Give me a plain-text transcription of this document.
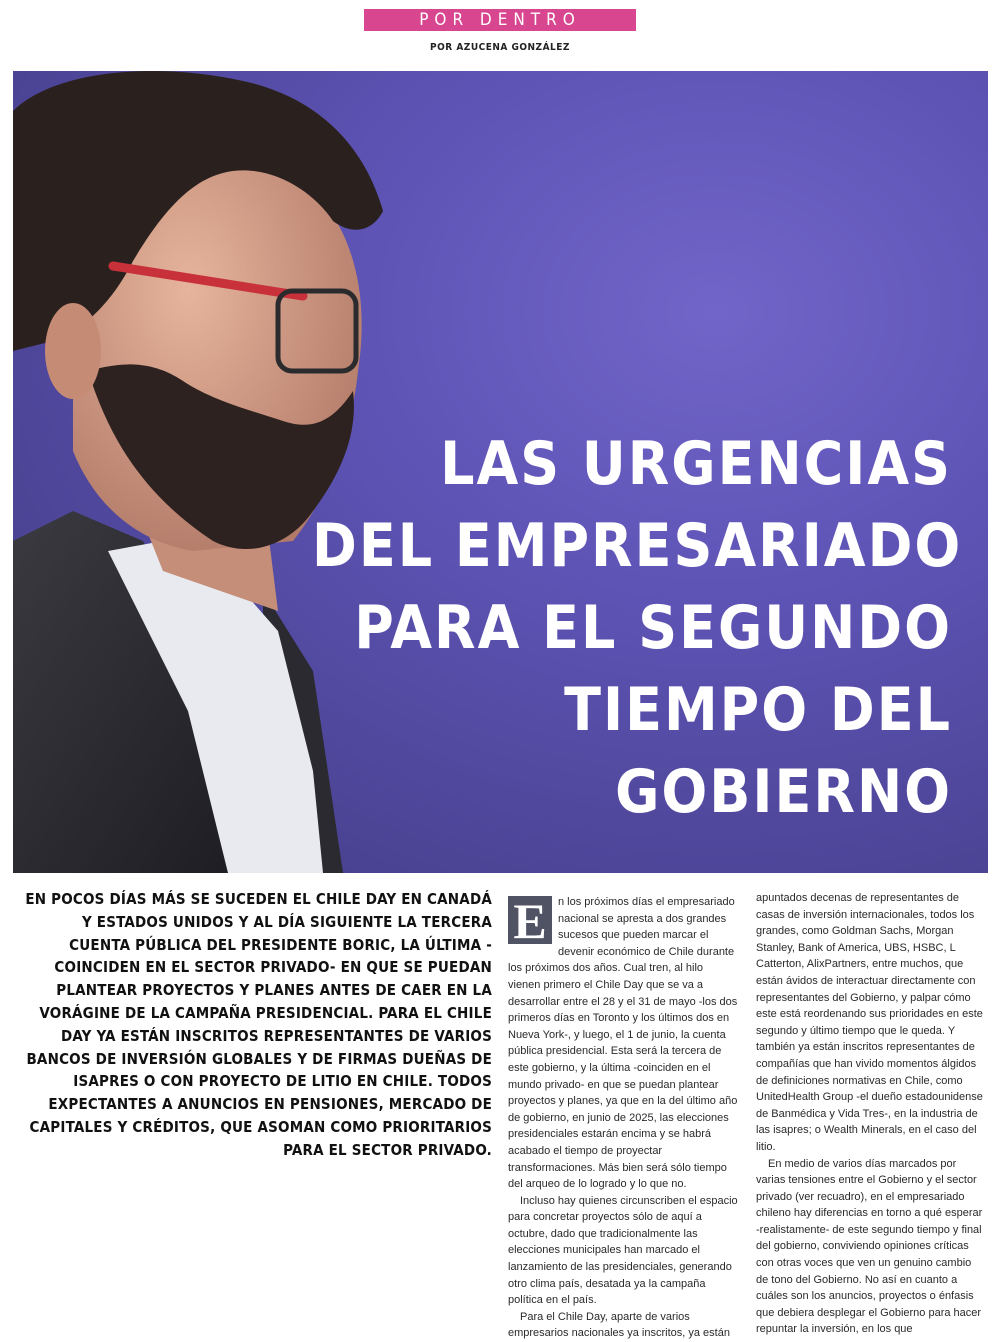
POR DENTRO
POR AZUCENA GONZÁLEZ
LAS URGENCIAS
DEL EMPRESARIADO
PARA EL SEGUNDO
TIEMPO DEL
GOBIERNO

EN POCOS DÍAS MÁS SE SUCEDEN EL CHILE DAY EN CANADÁ Y ESTADOS UNIDOS Y AL DÍA SIGUIENTE LA TERCERA CUENTA PÚBLICA DEL PRESIDENTE BORIC, LA ÚLTIMA -COINCIDEN EN EL SECTOR PRIVADO- EN QUE SE PUEDAN PLANTEAR PROYECTOS Y PLANES ANTES DE CAER EN LA VORÁGINE DE LA CAMPAÑA PRESIDENCIAL. PARA EL CHILE DAY YA ESTÁN INSCRITOS REPRESENTANTES DE VARIOS BANCOS DE INVERSIÓN GLOBALES Y DE FIRMAS DUEÑAS DE ISAPRES O CON PROYECTO DE LITIO EN CHILE. TODOS EXPECTANTES A ANUNCIOS EN PENSIONES, MERCADO DE CAPITALES Y CRÉDITOS, QUE ASOMAN COMO PRIORITARIOS PARA EL SECTOR PRIVADO.

E	n los próximos días el empresariado nacional se apresta a dos grandes sucesos que pueden marcar el devenir económico de Chile durante los próximos dos años. Cual tren, al hilo vienen primero el Chile Day que se va a desarrollar entre el 28 y el 31 de mayo -los dos primeros días en Toronto y los últimos dos en Nueva York-, y luego, el 1 de junio, la cuenta pública presidencial. Esta será la tercera de este gobierno, y la última -coinciden en el mundo privado- en que se puedan plantear proyectos y planes, ya que en la del último año de gobierno, en junio de 2025, las elecciones presidenciales estarán encima y se habrá acabado el tiempo de proyectar transformaciones. Más bien será sólo tiempo del arqueo de lo logrado y lo que no.

Incluso hay quienes circunscriben el espacio para concretar proyectos sólo de aquí a octubre, dado que tradicionalmente las elecciones municipales han marcado el lanzamiento de las presidenciales, generando otro clima país, desatada ya la campaña política en el país.

Para el Chile Day, aparte de varios empresarios nacionales ya inscritos, ya están

apuntados decenas de representantes de casas de inversión internacionales, todos los grandes, como Goldman Sachs, Morgan Stanley, Bank of America, UBS, HSBC, L Catterton, AlixPartners, entre muchos, que están ávidos de interactuar directamente con representantes del Gobierno, y palpar cómo este está reordenando sus prioridades en este segundo y último tiempo que le queda. Y también ya están inscritos representantes de compañías que han vivido momentos álgidos de definiciones normativas en Chile, como UnitedHealth Group -el dueño estadounidense de Banmédica y Vida Tres-, en la industria de las isapres; o Wealth Minerals, en el caso del litio.

En medio de varios días marcados por varias tensiones entre el Gobierno y el sector privado (ver recuadro), en el empresariado chileno hay diferencias en torno a qué esperar -realistamente- de este segundo tiempo y final del gobierno, conviviendo opiniones críticas con otras voces que ven un genuino cambio de tono del Gobierno. No así en cuanto a cuáles son los anuncios, proyectos o énfasis que debiera desplegar el Gobierno para hacer repuntar la inversión, en los que
